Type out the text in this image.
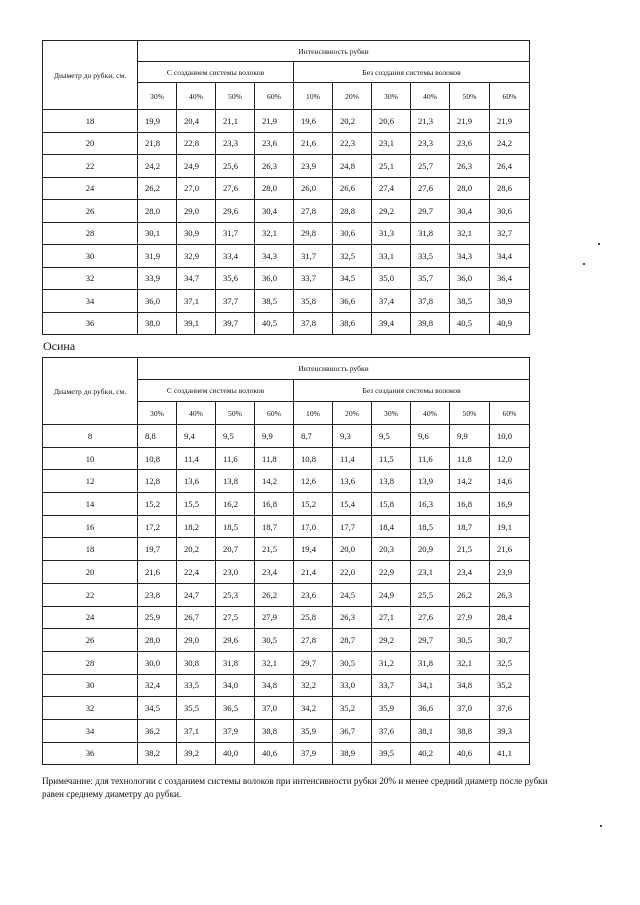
Диаметр до рубки, см.	Интенсивность рубки									
	С созданием системы волоков				Без создания системы волоков					
	30%	40%	50%	60%	10%	20%	30%	40%	50%	60%
18	19,9	20,4	21,1	21,9	19,6	20,2	20,6	21,3	21,9	21,9
20	21,8	22,8	23,3	23,6	21,6	22,3	23,1	23,3	23,6	24,2
22	24,2	24,9	25,6	26,3	23,9	24,8	25,1	25,7	26,3	26,4
24	26,2	27,0	27,6	28,0	26,0	26,6	27,4	27,6	28,0	28,6
26	28,0	29,0	29,6	30,4	27,8	28,8	29,2	29,7	30,4	30,6
28	30,1	30,9	31,7	32,1	29,8	30,6	31,3	31,8	32,1	32,7
30	31,9	32,9	33,4	34,3	31,7	32,5	33,1	33,5	34,3	34,4
32	33,9	34,7	35,6	36,0	33,7	34,5	35,0	35,7	36,0	36,4
34	36,0	37,1	37,7	38,5	35,8	36,6	37,4	37,8	38,5	38,9
36	38,0	39,1	39,7	40,5	37,8	38,6	39,4	39,8	40,5	40,9
Осина
Диаметр до рубки, см.	Интенсивность рубки									
	С созданием системы волоков				Без создания системы волоков					
	30%	40%	50%	60%	10%	20%	30%	40%	50%	60%
8	8,8	9,4	9,5	9,9	8,7	9,3	9,5	9,6	9,9	10,0
10	10,8	11,4	11,6	11,8	10,8	11,4	11,5	11,6	11,8	12,0
12	12,8	13,6	13,8	14,2	12,6	13,6	13,8	13,9	14,2	14,6
14	15,2	15,5	16,2	16,8	15,2	15,4	15,8	16,3	16,8	16,9
16	17,2	18,2	18,5	18,7	17,0	17,7	18,4	18,5	18,7	19,1
18	19,7	20,2	20,7	21,5	19,4	20,0	20,3	20,9	21,5	21,6
20	21,6	22,4	23,0	23,4	21,4	22,0	22,9	23,1	23,4	23,9
22	23,8	24,7	25,3	26,2	23,6	24,5	24,9	25,5	26,2	26,3
24	25,9	26,7	27,5	27,9	25,8	26,3	27,1	27,6	27,9	28,4
26	28,0	29,0	29,6	30,5	27,8	28,7	29,2	29,7	30,5	30,7
28	30,0	30,8	31,8	32,1	29,7	30,5	31,2	31,8	32,1	32,5
30	32,4	33,5	34,0	34,8	32,2	33,0	33,7	34,1	34,8	35,2
32	34,5	35,5	36,5	37,0	34,2	35,2	35,9	36,6	37,0	37,6
34	36,2	37,1	37,9	38,8	35,9	36,7	37,6	38,1	38,8	39,3
36	38,2	39,2	40,0	40,6	37,9	38,9	39,5	40,2	40,6	41,1
Примечание: для технологии с созданием системы волоков при интенсивности рубки 20% и менее средний диаметр после рубки равен среднему диаметру до рубки.
